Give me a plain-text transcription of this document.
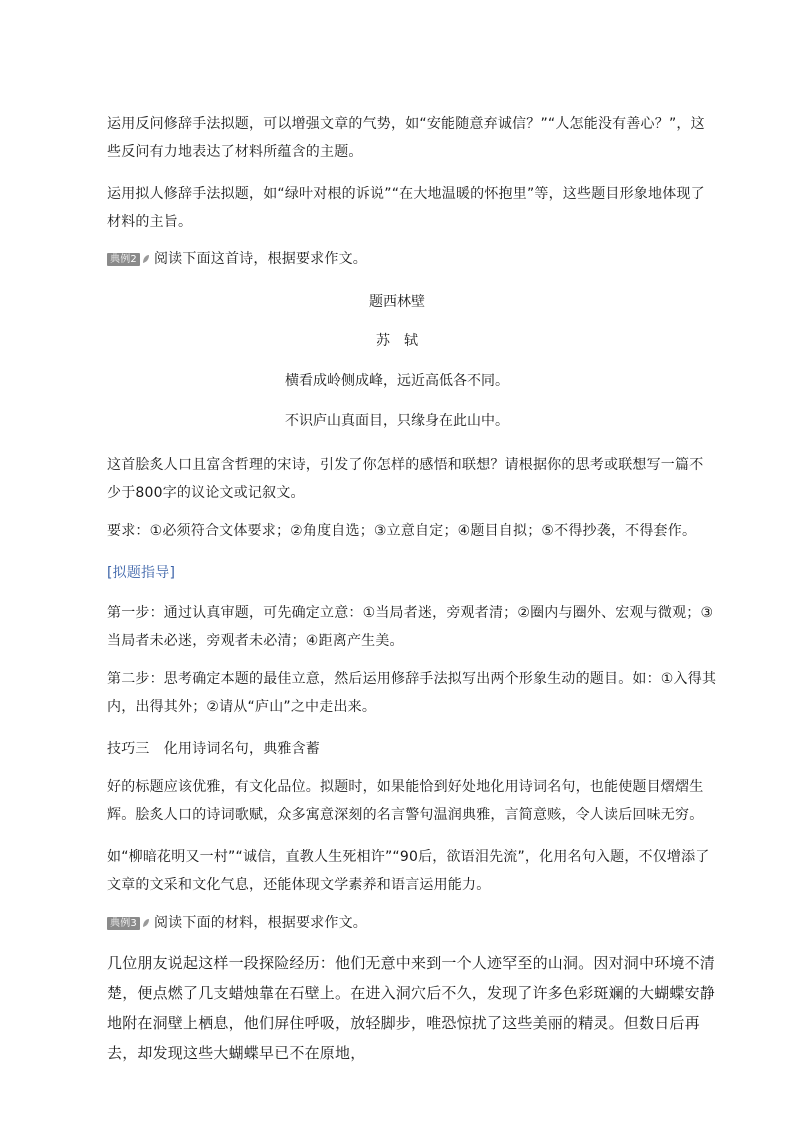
运用反问修辞手法拟题，可以增强文章的气势，如“安能随意弃诚信？”“人怎能没有善心？”，这些反问有力地表达了材料所蕴含的主题。

运用拟人修辞手法拟题，如“绿叶对根的诉说”“在大地温暖的怀抱里”等，这些题目形象地体现了材料的主旨。

典例2 阅读下面这首诗，根据要求作文。

题西林壁

苏　轼

横看成岭侧成峰，远近高低各不同。

不识庐山真面目，只缘身在此山中。

这首脍炙人口且富含哲理的宋诗，引发了你怎样的感悟和联想？请根据你的思考或联想写一篇不少于800字的议论文或记叙文。

要求：①必须符合文体要求；②角度自选；③立意自定；④题目自拟；⑤不得抄袭，不得套作。

[拟题指导]

第一步：通过认真审题，可先确定立意：①当局者迷，旁观者清；②圈内与圈外、宏观与微观；③当局者未必迷，旁观者未必清；④距离产生美。

第二步：思考确定本题的最佳立意，然后运用修辞手法拟写出两个形象生动的题目。如：①入得其内，出得其外；②请从“庐山”之中走出来。

技巧三　化用诗词名句，典雅含蓄

好的标题应该优雅，有文化品位。拟题时，如果能恰到好处地化用诗词名句，也能使题目熠熠生辉。脍炙人口的诗词歌赋，众多寓意深刻的名言警句温润典雅，言简意赅，令人读后回味无穷。

如“柳暗花明又一村”“诚信，直教人生死相许”“90后，欲语泪先流”，化用名句入题，不仅增添了文章的文采和文化气息，还能体现文学素养和语言运用能力。

典例3 阅读下面的材料，根据要求作文。

几位朋友说起这样一段探险经历：他们无意中来到一个人迹罕至的山洞。因对洞中环境不清楚，便点燃了几支蜡烛靠在石壁上。在进入洞穴后不久，发现了许多色彩斑斓的大蝴蝶安静地附在洞壁上栖息，他们屏住呼吸，放轻脚步，唯恐惊扰了这些美丽的精灵。但数日后再去，却发现这些大蝴蝶早已不在原地，
